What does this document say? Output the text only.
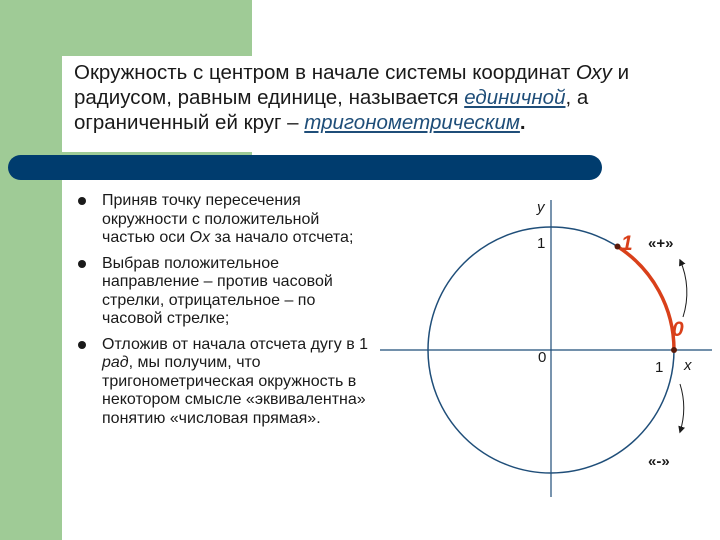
Окружность с центром в начале системы координат Оху и радиусом, равным единице, называется единичной, а ограниченный ей круг – тригонометрическим.
Приняв точку пересечения окружности с положительной частью оси Ox за начало отсчета;
Выбрав положительное направление – против часовой стрелки, отрицательное – по часовой стрелке;
Отложив от начала отсчета дугу в 1 рад, мы получим, что тригонометрическая окружность в некотором смысле «эквивалентна» понятию «числовая прямая».
y
x
1
0
1
1
0
«+»
«-»
